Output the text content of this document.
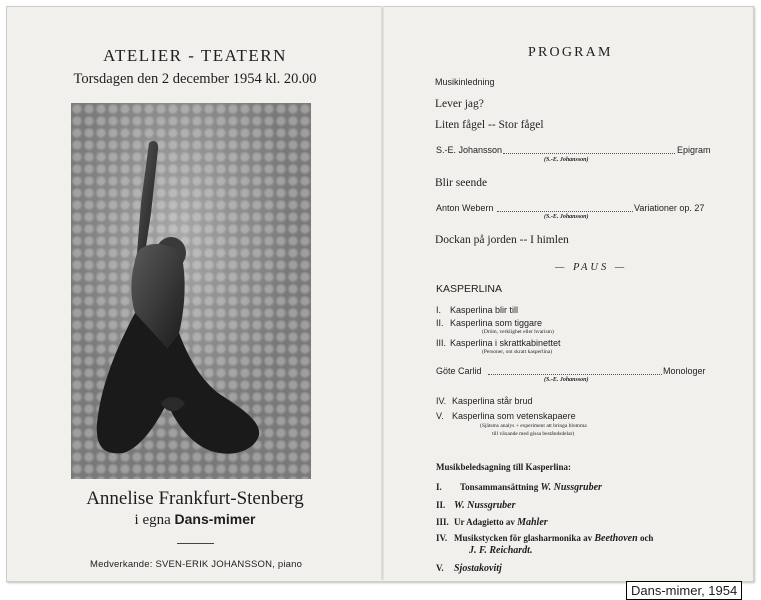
ATELIER - TEATERN
Torsdagen den 2 december 1954 kl. 20.00
Annelise Frankfurt-Stenberg
i egna Dans-mimer
Medverkande: SVEN-ERIK JOHANSSON, piano
PROGRAM
Musikinledning
Lever jag?
Liten fågel -- Stor fågel
S.-E. Johansson	Epigram
(S.-E. Johansson)
Blir seende
Anton Webern	Variationer op. 27
(S.-E. Johansson)
Dockan på jorden -- I himlen
— PAUS —
KASPERLINA
I. Kasperlina blir till
II. Kasperlina som tiggare
(Dröm, verklighet eller hvarism)
III. Kasperlina i skrattkabinettet
(Personer, ont skratt kasperlina)
Göte Carlid	Monologer
(S.-E. Johansson)
IV. Kasperlina står brud
V. Kasperlina som vetenskapaere
(Sjätsms analys + experiment att bringa blomma
till växande med gissa beståndsdelar)
Musikbeledsagning till Kasperlina:
I. Tonsammansättning W. Nussgruber
II. W. Nussgruber
III. Ur Adagietto av Mahler
IV. Musikstycken för glasharmonika av Beethoven och
J. F. Reichardt.
V. Sjostakovitj
Dans-mimer, 1954
